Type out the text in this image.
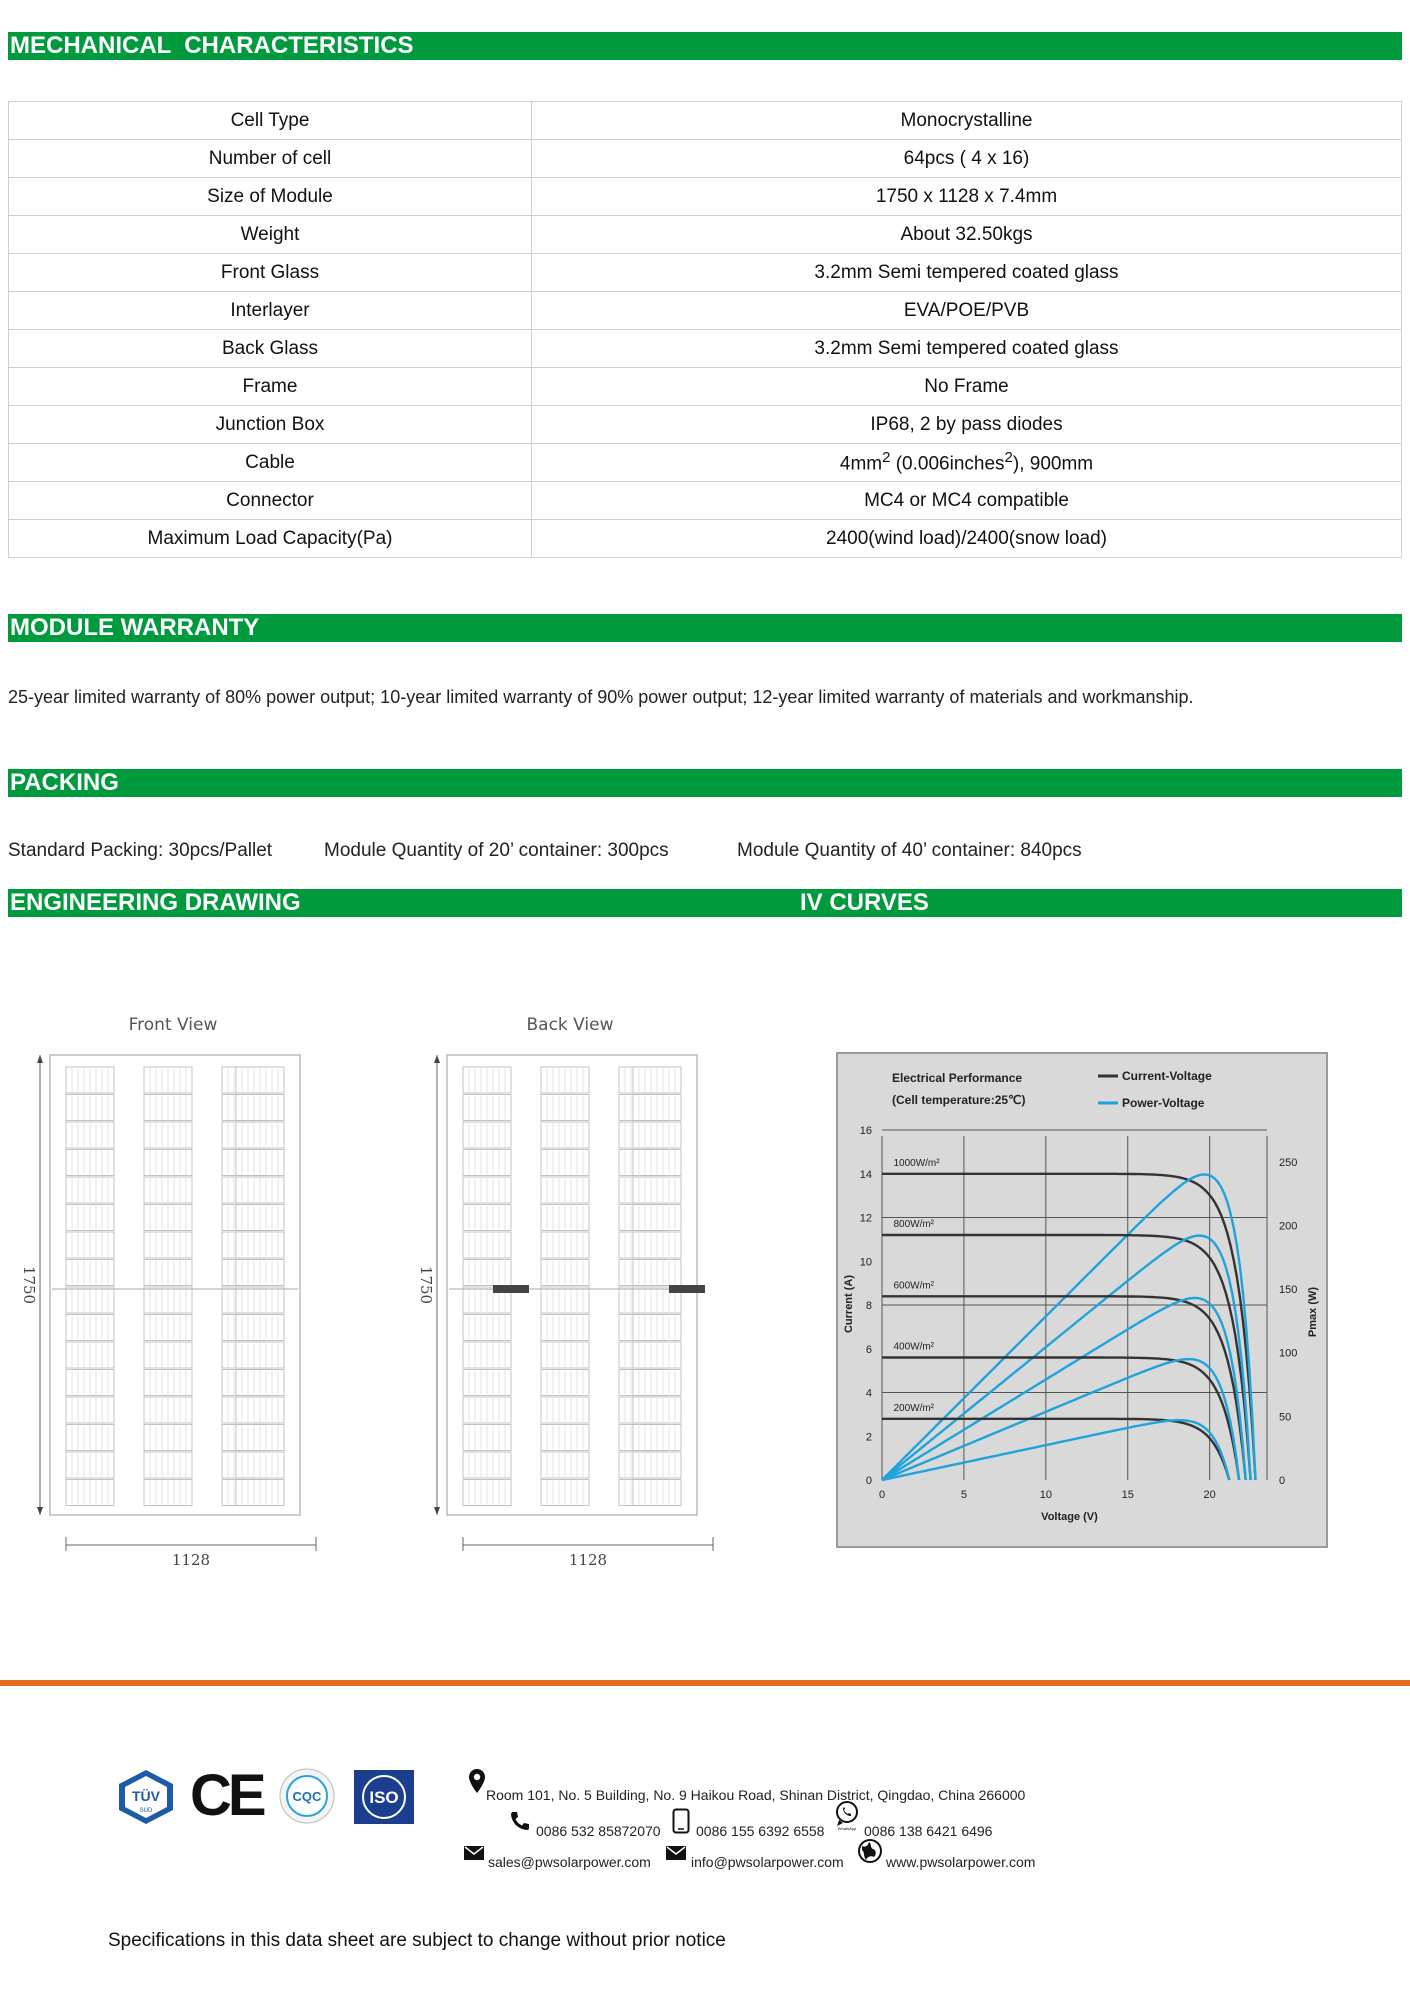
MECHANICAL  CHARACTERISTICS
Cell Type	Monocrystalline
Number of cell	64pcs ( 4 x 16)
Size of Module	1750 x 1128 x 7.4mm
Weight	About 32.50kgs
Front Glass	3.2mm Semi tempered coated glass
Interlayer	EVA/POE/PVB
Back Glass	3.2mm Semi tempered coated glass
Frame	No Frame
Junction Box	IP68, 2 by pass diodes
Cable	$4mm^2$ (0.006inches$^2$), 900mm
Connector	MC4 or MC4 compatible
Maximum Load Capacity(Pa)	2400(wind load)/2400(snow load)
MODULE WARRANTY
25-year limited warranty of 80% power output; 10-year limited warranty of 90% power output; 12-year limited warranty of materials and workmanship.
PACKING
Standard Packing: 30pcs/Pallet	Module Quantity of 20’ container: 300pcs	Module Quantity of 40’ container: 840pcs
ENGINEERING DRAWING	IV CURVES
Front View
1750
1128
Back View
1750
1128
0	5	10	15	20
0
2
4
6
8
10
12
14
16
0
50
100
150
200
250
Voltage (V)
Current (A)	Pmax (W)
Electrical Performance
(Cell temperature:25℃)
Current-Voltage
Power-Voltage
1000W/m²
800W/m²
600W/m²
400W/m²
200W/m²
TÜV
SUD CE CQC	ISO	Room 101, No. 5 Building, No. 9 Haikou Road, Shinan District, Qingdao, China 266000
0086 532 85872070	0086 155 6392 6558	WhatsApp 0086 138 6421 6496
sales@pwsolarpower.com	info@pwsolarpower.com	www.pwsolarpower.com
Specifications in this data sheet are subject to change without prior notice
